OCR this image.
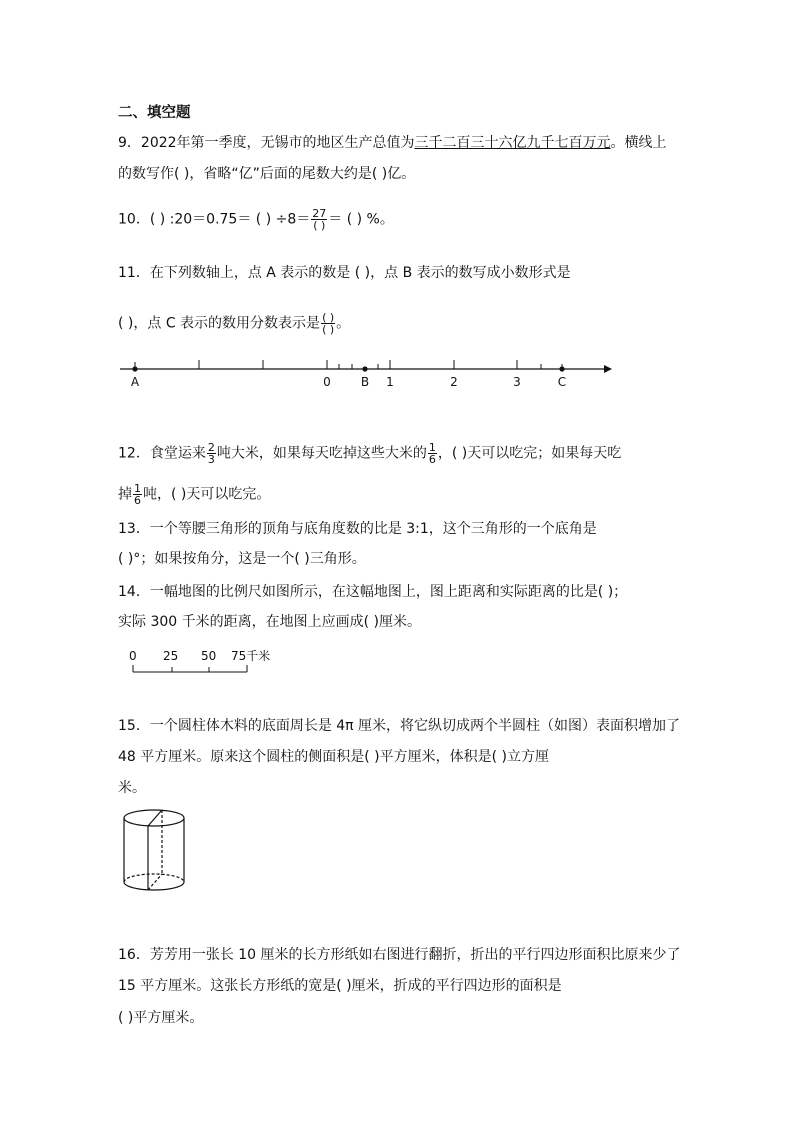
二、填空题
9．2022年第一季度，无锡市的地区生产总值为三千二百三十六亿九千七百万元。横线上
的数写作( )，省略“亿”后面的尾数大约是( )亿。
10．( ) :20＝0.75＝ ( ) $\div 8= \frac{27}{( )}$ ＝ ( ) %。
11．在下列数轴上，点 A 表示的数是 ( )，点 B 表示的数写成小数形式是
( )，点 C 表示的数用分数表示是 $\frac{( )}{( )}$ 。
A	0	B 1	2	3	C
12．食堂运来 $\frac{2}{3}$ 吨大米，如果每天吃掉这些大米的 $\frac{1}{6}$ ，( )天可以吃完；如果每天吃
掉 $\frac{1}{6}$ 吨，( )天可以吃完。
13．一个等腰三角形的顶角与底角度数的比是 3:1，这个三角形的一个底角是
( )°；如果按角分，这是一个( )三角形。
14．一幅地图的比例尺如图所示，在这幅地图上，图上距离和实际距离的比是( )；
实际 300 千米的距离，在地图上应画成( )厘米。
0 25 50 75千米
15．一个圆柱体木料的底面周长是 4π 厘米，将它纵切成两个半圆柱（如图）表面积增加了
48 平方厘米。原来这个圆柱的侧面积是( )平方厘米，体积是( )立方厘
米。
16．芳芳用一张长 10 厘米的长方形纸如右图进行翻折，折出的平行四边形面积比原来少了
15 平方厘米。这张长方形纸的宽是( )厘米，折成的平行四边形的面积是
( )平方厘米。
